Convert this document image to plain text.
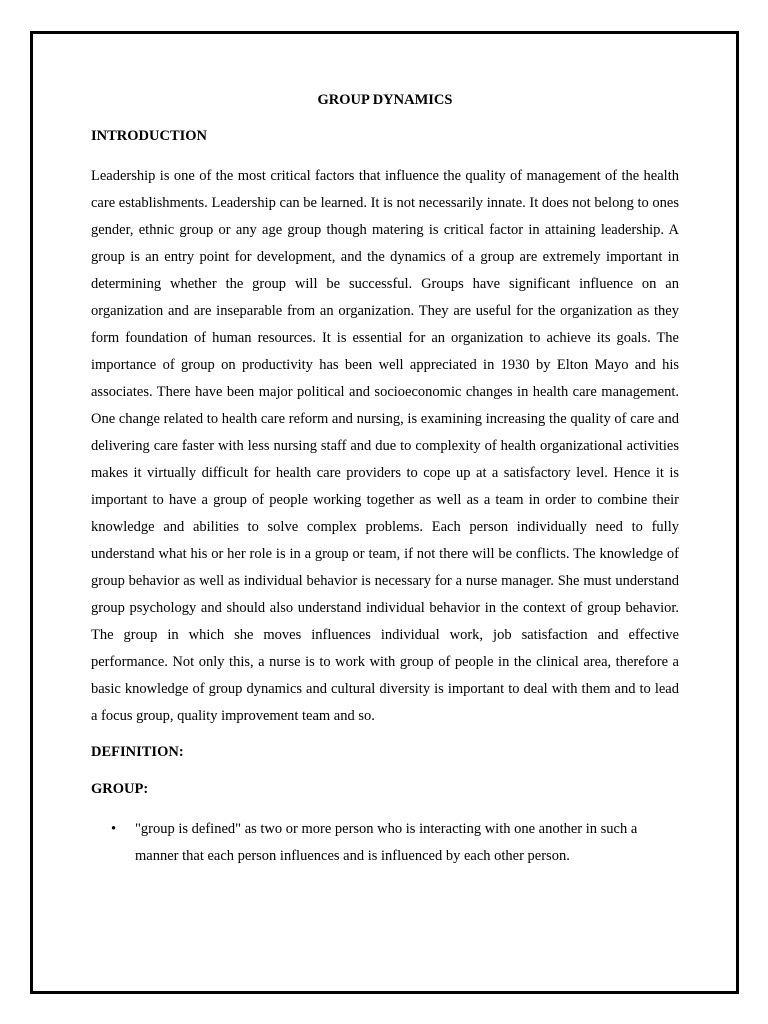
GROUP DYNAMICS
INTRODUCTION

Leadership is one of the most critical factors that influence the quality of management of the health care establishments. Leadership can be learned. It is not necessarily innate. It does not belong to ones gender, ethnic group or any age group though matering is critical factor in attaining leadership. A group is an entry point for development, and the dynamics of a group are extremely important in determining whether the group will be successful. Groups have significant influence on an organization and are inseparable from an organization. They are useful for the organization as they form foundation of human resources. It is essential for an organization to achieve its goals. The importance of group on productivity has been well appreciated in 1930 by Elton Mayo and his associates. There have been major political and socioeconomic changes in health care management. One change related to health care reform and nursing, is examining increasing the quality of care and delivering care faster with less nursing staff and due to complexity of health organizational activities makes it virtually difficult for health care providers to cope up at a satisfactory level. Hence it is important to have a group of people working together as well as a team in order to combine their knowledge and abilities to solve complex problems. Each person individually need to fully understand what his or her role is in a group or team, if not there will be conflicts. The knowledge of group behavior as well as individual behavior is necessary for a nurse manager. She must understand group psychology and should also understand individual behavior in the context of group behavior. The group in which she moves influences individual work, job satisfaction and effective performance. Not only this, a nurse is to work with group of people in the clinical area, therefore a basic knowledge of group dynamics and cultural diversity is important to deal with them and to lead a focus group, quality improvement team and so.

DEFINITION:
GROUP:
• "group is defined" as two or more person who is interacting with one another in such a manner that each person influences and is influenced by each other person.
